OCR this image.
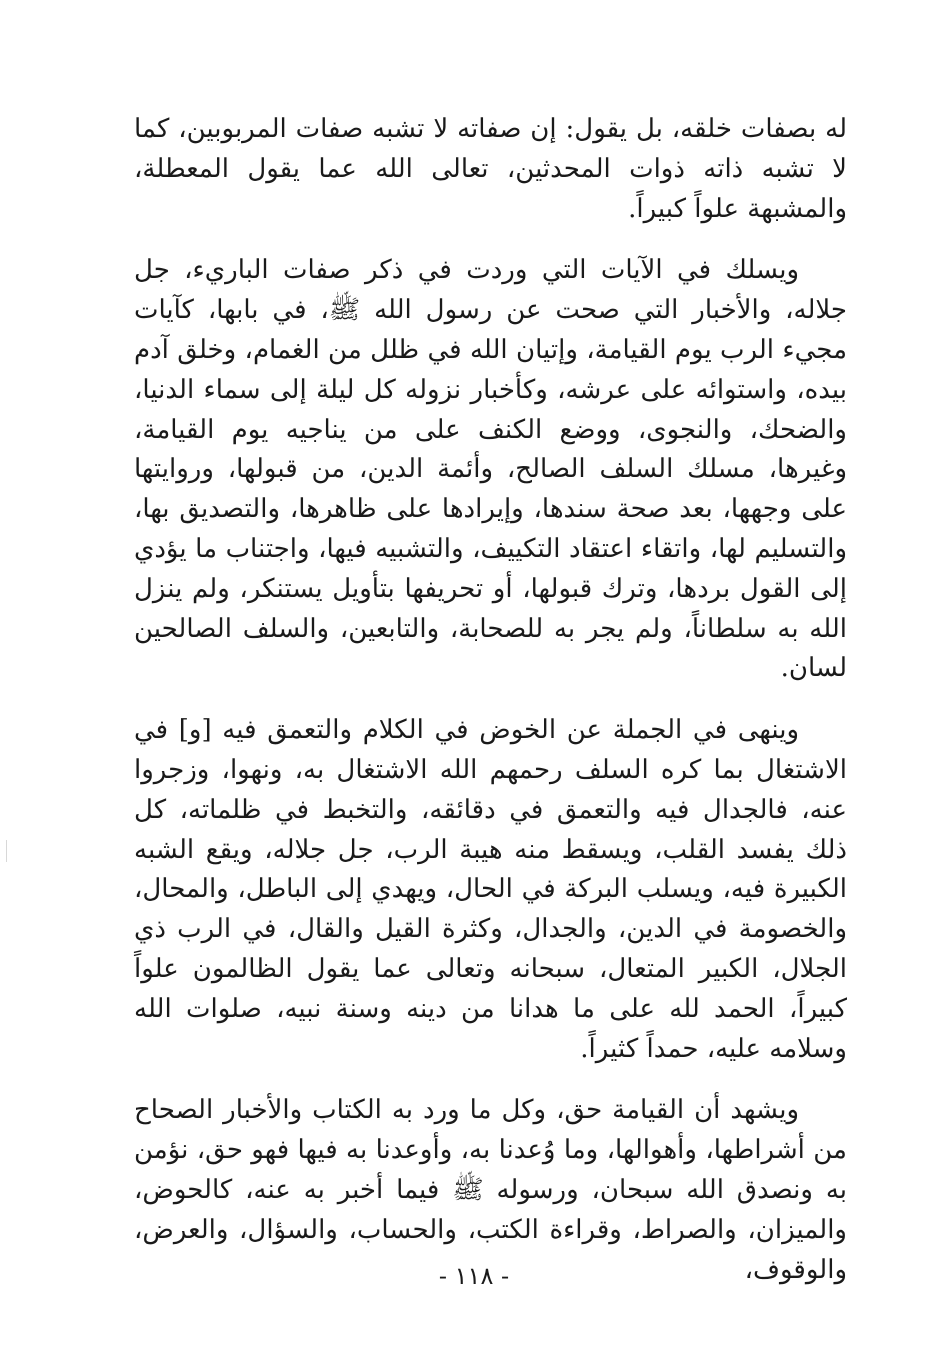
له بصفات خلقه، بل يقول: إن صفاته لا تشبه صفات المربوبين، كما لا تشبه ذاته ذوات المحدثين، تعالى الله عما يقول المعطلة، والمشبهة علواً كبيراً.

ويسلك في الآيات التي وردت في ذكر صفات الباريء، جل جلاله، والأخبار التي صحت عن رسول الله ﷺ، في بابها، كآيات مجيء الرب يوم القيامة، وإتيان الله في ظلل من الغمام، وخلق آدم بيده، واستوائه على عرشه، وكأخبار نزوله كل ليلة إلى سماء الدنيا، والضحك، والنجوى، ووضع الكنف على من يناجيه يوم القيامة، وغيرها، مسلك السلف الصالح، وأئمة الدين، من قبولها، وروايتها على وجهها، بعد صحة سندها، وإيرادها على ظاهرها، والتصديق بها، والتسليم لها، واتقاء اعتقاد التكييف، والتشبيه فيها، واجتناب ما يؤدي إلى القول بردها، وترك قبولها، أو تحريفها بتأويل يستنكر، ولم ينزل الله به سلطاناً، ولم يجر به للصحابة، والتابعين، والسلف الصالحين لسان.

وينهى في الجملة عن الخوض في الكلام والتعمق فيه [و] في الاشتغال بما كره السلف رحمهم الله الاشتغال به، ونهوا، وزجروا عنه، فالجدال فيه والتعمق في دقائقه، والتخبط في ظلماته، كل ذلك يفسد القلب، ويسقط منه هيبة الرب، جل جلاله، ويقع الشبه الكبيرة فيه، ويسلب البركة في الحال، ويهدي إلى الباطل، والمحال، والخصومة في الدين، والجدال، وكثرة القيل والقال، في الرب ذي الجلال، الكبير المتعال، سبحانه وتعالى عما يقول الظالمون علواً كبيراً، الحمد لله على ما هدانا من دينه وسنة نبيه، صلوات الله وسلامه عليه، حمداً كثيراً.

ويشهد أن القيامة حق، وكل ما ورد به الكتاب والأخبار الصحاح من أشراطها، وأهوالها، وما وُعدنا به، وأوعدنا به فيها فهو حق، نؤمن به ونصدق الله سبحان، ورسوله ﷺ فيما أخبر به عنه، كالحوض، والميزان، والصراط، وقراءة الكتب، والحساب، والسؤال، والعرض، والوقوف،

- ١١٨ -
